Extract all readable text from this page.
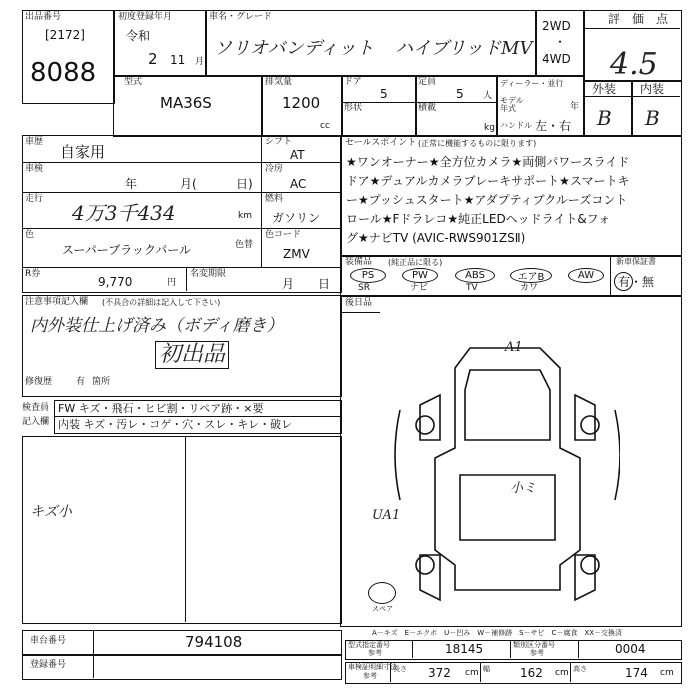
出品番号
[2172]
8088
初度登録年月
令和
2 11 月
車名・グレード
ソリオバンディット ハイブリッドMV
2WD
・
4WD
評　価　点
4.5
型式
MA36S
排気量
1200
cc
ドア
5
形状
定員
5 人
積載
kg
ディーラー・並行
モデル
年式	年
ハンドル 左・右
外装 内装
B B
車歴
自家用
シフト
AT
車検
年	月(	日)
冷房
AC
走行
4万3千434	km
燃料
ガソリン
色
スーパーブラックパール	色替
色コード
ZMV
R券
9,770	円
名変期限
月 日
セールスポイント (正常に機能するものに限ります)
★ワンオーナー★全方位カメラ★両側パワースライド
ドア★デュアルカメラブレーキサポート★スマートキ
ー★プッシュスタート★アダプティブクルーズコント
ロール★Fドラレコ★純正LEDヘッドライト&フォ
グ★ナビTV (AVIC-RWS901ZSⅡ)
装備品 (純正品に限る)
PS	PW	ABS	エアB	AW
SR	ナビ	TV	カワ
新車保証書
有・無
注意事項記入欄 (不具合の詳細は記入して下さい)
内外装仕上げ済み（ボディ磨き）
初出品
修復歴	有 箇所
後日品
A1
UA1
小ミ
スペア
検査員
記入欄
FW キズ・飛石・ヒビ割・リペア跡・×要
内装 キズ・汚レ・コゲ・穴・スレ・キレ・破レ
キズ小
A－キズ　E－エクボ　U－凹み　W－補修跡　S－サビ　C－腐食　XX－交換済
車台番号	794108
登録番号
型式指定番号
参考	18145	類別区分番号
参考	0004
車検証明細寸法
参考
長さ 372 cm 幅	162 cm 高さ	174 cm
